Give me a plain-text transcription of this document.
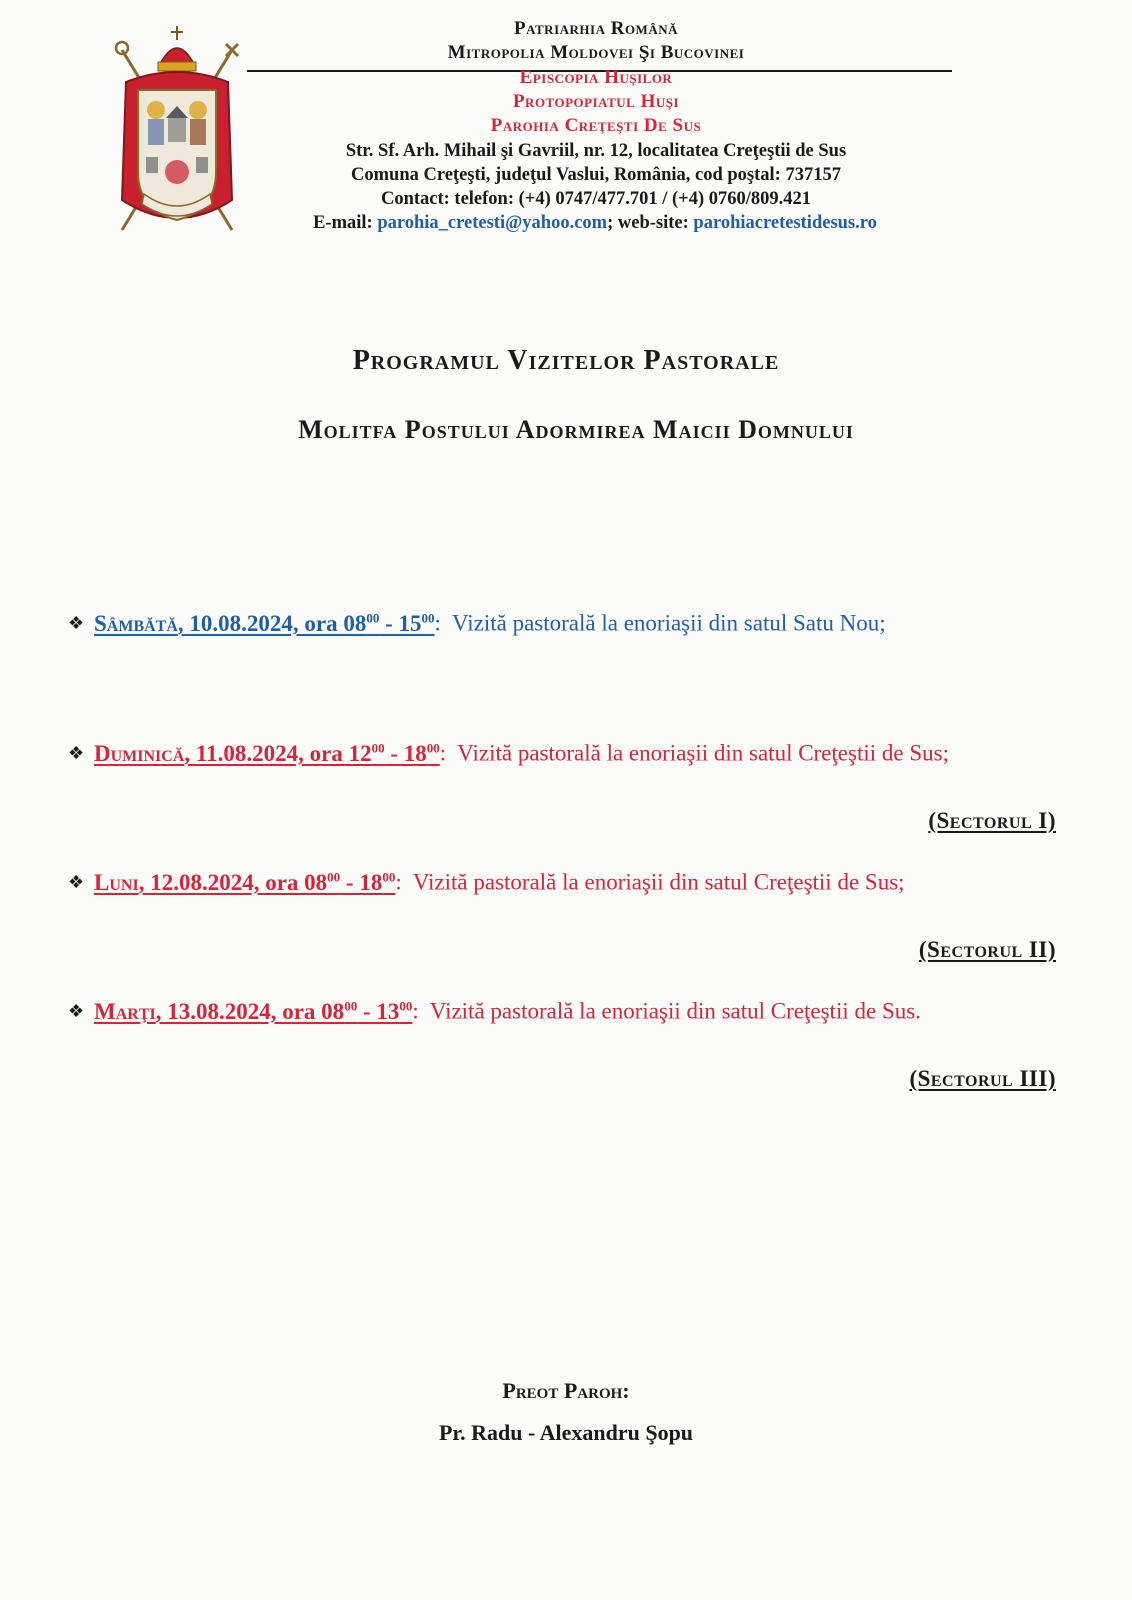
Patriarhia Română
Mitropolia Moldovei Şi Bucovinei
Episcopia Huşilor
Protopopiatul Huşi
Parohia Creţeşti De Sus
Str. Sf. Arh. Mihail şi Gavriil, nr. 12, localitatea Creţeştii de Sus
Comuna Creţeşti, judeţul Vaslui, România, cod poştal: 737157
Contact: telefon: (+4) 0747/477.701 / (+4) 0760/809.421
E-mail: parohia_cretesti@yahoo.com; web-site: parohiacretestidesus.ro
Programul Vizitelor Pastorale
Molitfa Postului Adormirea Maicii Domnului
❖ Sâmbătă, 10.08.2024, ora $08^{00} - 15^{00}$: Vizită pastorală la enoriaşii din satul Satu Nou;
❖ Duminică, 11.08.2024, ora $12^{00} - 18^{00}$: Vizită pastorală la enoriaşii din satul Creţeştii de Sus;
(Sectorul I)
❖ Luni, 12.08.2024, ora $08^{00} - 18^{00}$: Vizită pastorală la enoriaşii din satul Creţeştii de Sus;
(Sectorul II)
❖ Marţi, 13.08.2024, ora $08^{00} - 13^{00}$: Vizită pastorală la enoriaşii din satul Creţeştii de Sus.
(Sectorul III)
Preot Paroh:
Pr. Radu - Alexandru Şopu
